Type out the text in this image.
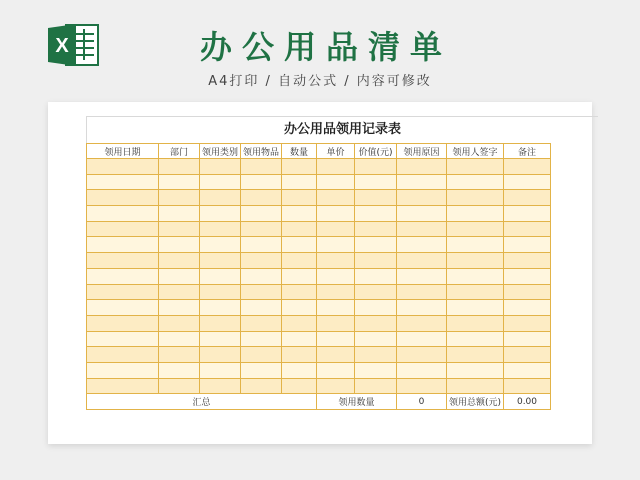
X	办公用品清单
A4打印 / 自动公式 / 内容可修改
办公用品领用记录表
领用日期	部门	领用类别	领用物品	数量	单价	价值(元)	领用原因	领用人签字	备注

汇总					领用数量		0	领用总额(元)	0.00
